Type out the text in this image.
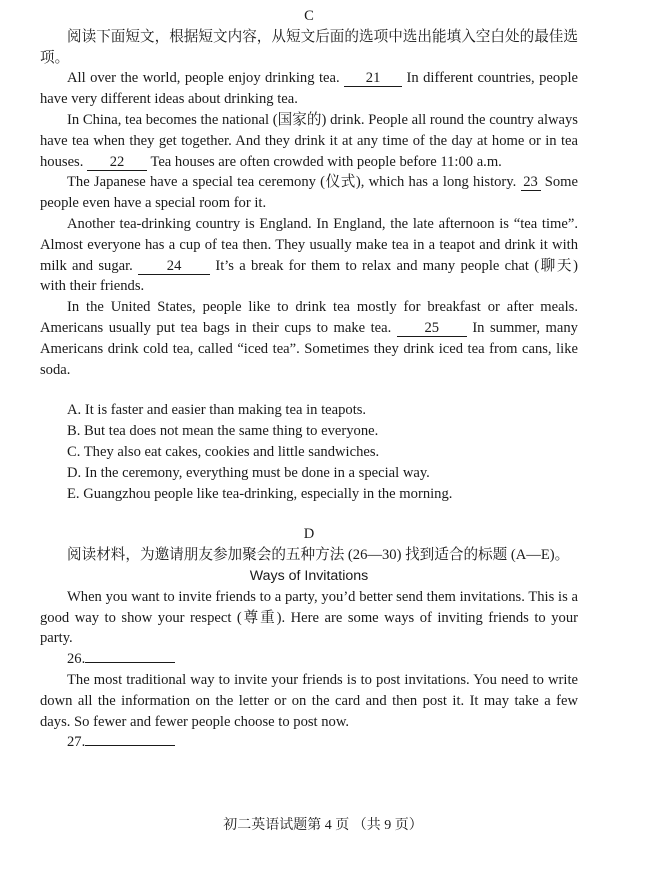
C

阅读下面短文，根据短文内容，从短文后面的选项中选出能填入空白处的最佳选项。

All over the world, people enjoy drinking tea. 21 In different countries, people have very different ideas about drinking tea.

In China, tea becomes the national (国家的) drink. People all round the country always have tea when they get together. And they drink it at any time of the day at home or in tea houses. 22 Tea houses are often crowded with people before 11:00 a.m.

The Japanese have a special tea ceremony (仪式), which has a long history. 23 Some people even have a special room for it.

Another tea-drinking country is England. In England, the late afternoon is “tea time”. Almost everyone has a cup of tea then. They usually make tea in a teapot and drink it with milk and sugar. 24 It’s a break for them to relax and many people chat (聊天) with their friends.

In the United States, people like to drink tea mostly for breakfast or after meals. Americans usually put tea bags in their cups to make tea. 25 In summer, many Americans drink cold tea, called “iced tea”. Sometimes they drink iced tea from cans, like soda.

A. It is faster and easier than making tea in teapots.
B. But tea does not mean the same thing to everyone.
C. They also eat cakes, cookies and little sandwiches.
D. In the ceremony, everything must be done in a special way.
E. Guangzhou people like tea-drinking, especially in the morning.
D

阅读材料，为邀请朋友参加聚会的五种方法 (26—30) 找到适合的标题 (A—E)。

Ways of Invitations

When you want to invite friends to a party, you’d better send them invitations. This is a good way to show your respect (尊重). Here are some ways of inviting friends to your party.

26.

The most traditional way to invite your friends is to post invitations. You need to write down all the information on the letter or on the card and then post it. It may take a few days. So fewer and fewer people choose to post now.

27.

初二英语试题第 4 页 （共 9 页）
